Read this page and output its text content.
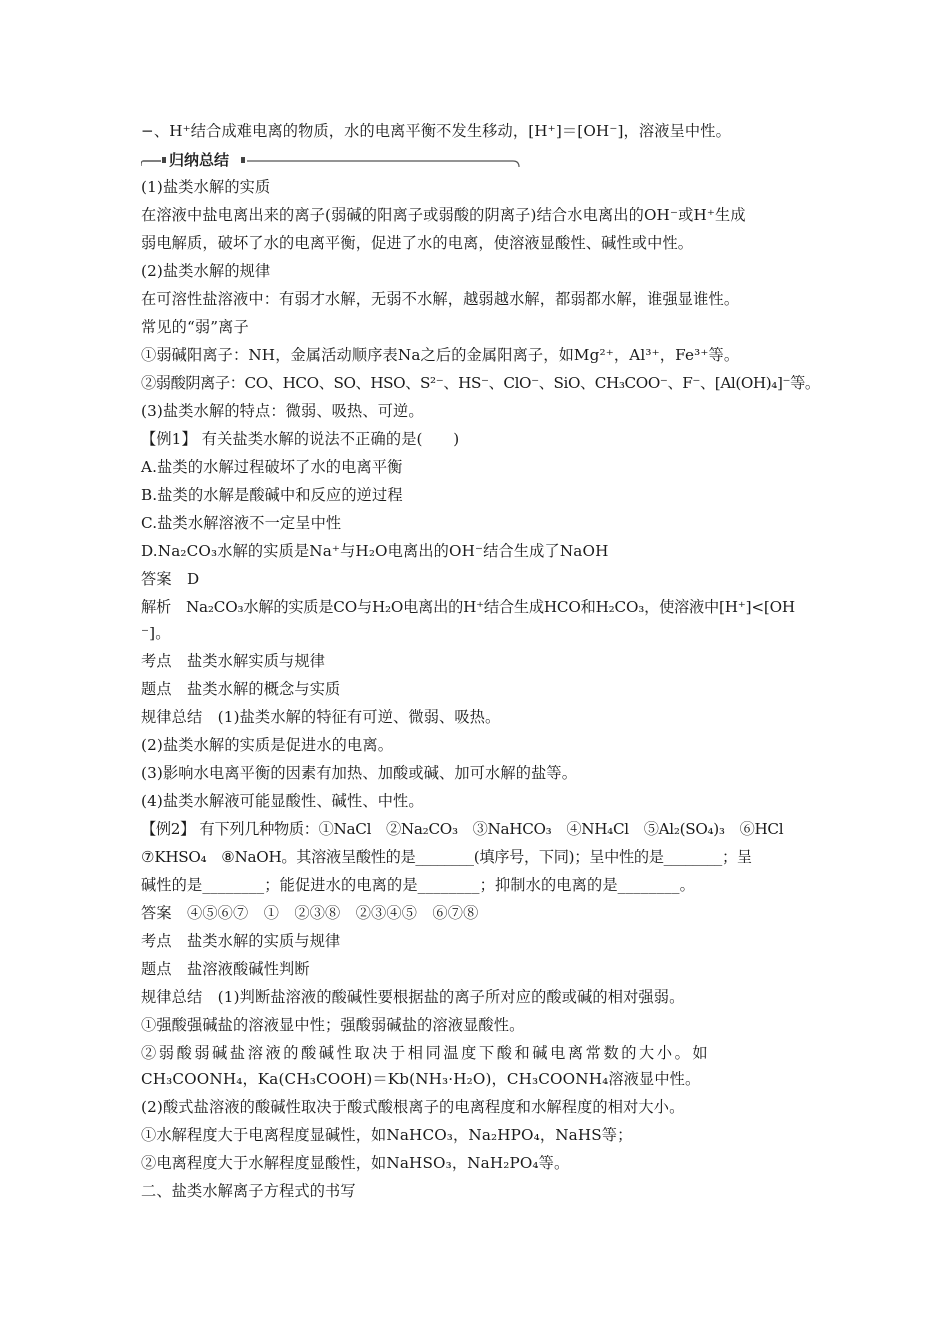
−、H⁺结合成难电离的物质，水的电离平衡不发生移动，[H⁺]＝[OH⁻]，溶液呈中性。
归纳总结
(1)盐类水解的实质
在溶液中盐电离出来的离子(弱碱的阳离子或弱酸的阴离子)结合水电离出的OH⁻或H⁺生成
弱电解质，破坏了水的电离平衡，促进了水的电离，使溶液显酸性、碱性或中性。
(2)盐类水解的规律
在可溶性盐溶液中：有弱才水解，无弱不水解，越弱越水解，都弱都水解，谁强显谁性。
常见的“弱”离子
①弱碱阳离子：NH，金属活动顺序表Na之后的金属阳离子，如Mg²⁺，Al³⁺，Fe³⁺等。
②弱酸阴离子：CO、HCO、SO、HSO、S²⁻、HS⁻、ClO⁻、SiO、CH₃COO⁻、F⁻、[Al(OH)₄]⁻等。
(3)盐类水解的特点：微弱、吸热、可逆。
【例1】 有关盐类水解的说法不正确的是(　　)
A.盐类的水解过程破坏了水的电离平衡
B.盐类的水解是酸碱中和反应的逆过程
C.盐类水解溶液不一定呈中性
D.Na₂CO₃水解的实质是Na⁺与H₂O电离出的OH⁻结合生成了NaOH
答案　D
解析　Na₂CO₃水解的实质是CO与H₂O电离出的H⁺结合生成HCO和H₂CO₃，使溶液中[H⁺]<[OH
⁻]。
考点　盐类水解实质与规律
题点　盐类水解的概念与实质
规律总结　(1)盐类水解的特征有可逆、微弱、吸热。
(2)盐类水解的实质是促进水的电离。
(3)影响水电离平衡的因素有加热、加酸或碱、加可水解的盐等。
(4)盐类水解液可能显酸性、碱性、中性。
【例2】 有下列几种物质：①NaCl　②Na₂CO₃　③NaHCO₃　④NH₄Cl　⑤Al₂(SO₄)₃　⑥HCl
⑦KHSO₄　⑧NaOH。其溶液呈酸性的是________(填序号，下同)；呈中性的是________；呈
碱性的是________；能促进水的电离的是________；抑制水的电离的是________。
答案　④⑤⑥⑦　①　②③⑧　②③④⑤　⑥⑦⑧
考点　盐类水解的实质与规律
题点　盐溶液酸碱性判断
规律总结　(1)判断盐溶液的酸碱性要根据盐的离子所对应的酸或碱的相对强弱。
①强酸强碱盐的溶液显中性；强酸弱碱盐的溶液显酸性。
②弱酸弱碱盐溶液的酸碱性取决于相同温度下酸和碱电离常数的大小。如
CH₃COONH₄，Ka(CH₃COOH)＝Kb(NH₃·H₂O)，CH₃COONH₄溶液显中性。
(2)酸式盐溶液的酸碱性取决于酸式酸根离子的电离程度和水解程度的相对大小。
①水解程度大于电离程度显碱性，如NaHCO₃，Na₂HPO₄，NaHS等；
②电离程度大于水解程度显酸性，如NaHSO₃，NaH₂PO₄等。
二、盐类水解离子方程式的书写
